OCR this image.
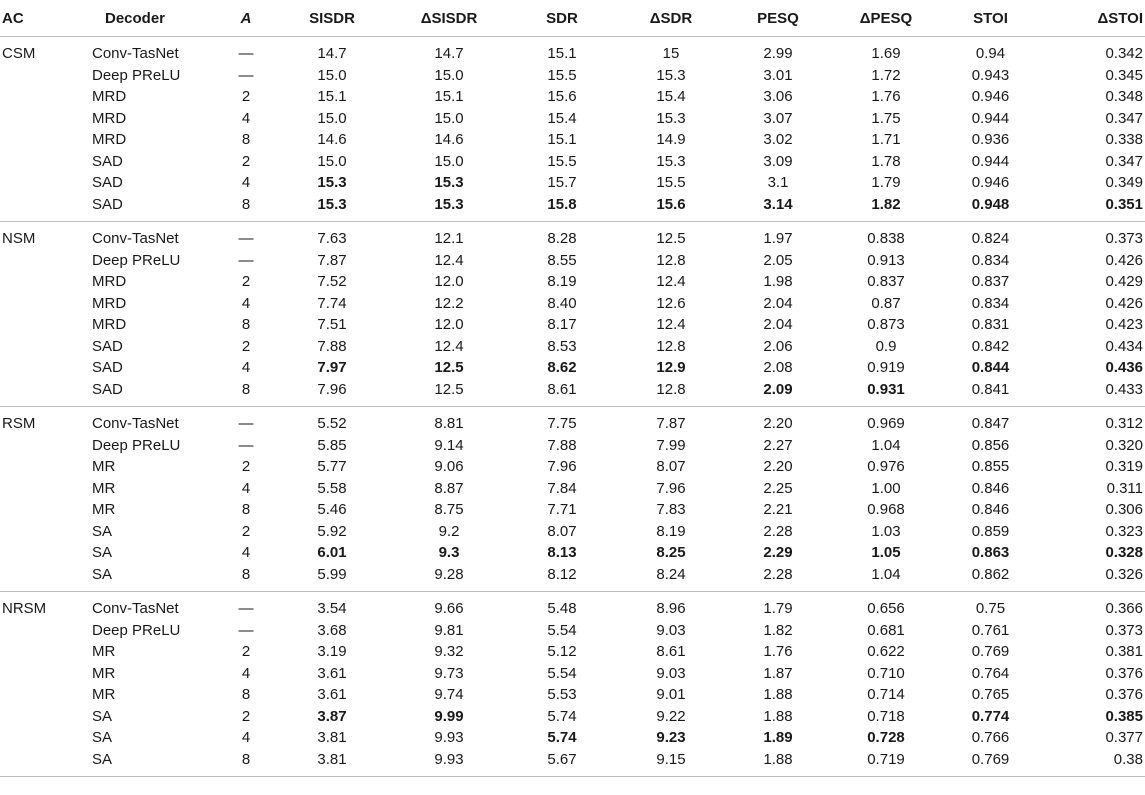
AC	Decoder	A	SISDR	ΔSISDR	SDR	ΔSDR	PESQ	ΔPESQ	STOI	ΔSTOI
CSM	Conv-TasNet	—	14.7	14.7	15.1	15	2.99	1.69	0.94	0.342
	Deep PReLU	—	15.0	15.0	15.5	15.3	3.01	1.72	0.943	0.345
	MRD	2	15.1	15.1	15.6	15.4	3.06	1.76	0.946	0.348
	MRD	4	15.0	15.0	15.4	15.3	3.07	1.75	0.944	0.347
	MRD	8	14.6	14.6	15.1	14.9	3.02	1.71	0.936	0.338
	SAD	2	15.0	15.0	15.5	15.3	3.09	1.78	0.944	0.347
	SAD	4	15.3	15.3	15.7	15.5	3.1	1.79	0.946	0.349
	SAD	8	15.3	15.3	15.8	15.6	3.14	1.82	0.948	0.351
NSM	Conv-TasNet	—	7.63	12.1	8.28	12.5	1.97	0.838	0.824	0.373
	Deep PReLU	—	7.87	12.4	8.55	12.8	2.05	0.913	0.834	0.426
	MRD	2	7.52	12.0	8.19	12.4	1.98	0.837	0.837	0.429
	MRD	4	7.74	12.2	8.40	12.6	2.04	0.87	0.834	0.426
	MRD	8	7.51	12.0	8.17	12.4	2.04	0.873	0.831	0.423
	SAD	2	7.88	12.4	8.53	12.8	2.06	0.9	0.842	0.434
	SAD	4	7.97	12.5	8.62	12.9	2.08	0.919	0.844	0.436
	SAD	8	7.96	12.5	8.61	12.8	2.09	0.931	0.841	0.433
RSM	Conv-TasNet	—	5.52	8.81	7.75	7.87	2.20	0.969	0.847	0.312
	Deep PReLU	—	5.85	9.14	7.88	7.99	2.27	1.04	0.856	0.320
	MR	2	5.77	9.06	7.96	8.07	2.20	0.976	0.855	0.319
	MR	4	5.58	8.87	7.84	7.96	2.25	1.00	0.846	0.311
	MR	8	5.46	8.75	7.71	7.83	2.21	0.968	0.846	0.306
	SA	2	5.92	9.2	8.07	8.19	2.28	1.03	0.859	0.323
	SA	4	6.01	9.3	8.13	8.25	2.29	1.05	0.863	0.328
	SA	8	5.99	9.28	8.12	8.24	2.28	1.04	0.862	0.326
NRSM	Conv-TasNet	—	3.54	9.66	5.48	8.96	1.79	0.656	0.75	0.366
	Deep PReLU	—	3.68	9.81	5.54	9.03	1.82	0.681	0.761	0.373
	MR	2	3.19	9.32	5.12	8.61	1.76	0.622	0.769	0.381
	MR	4	3.61	9.73	5.54	9.03	1.87	0.710	0.764	0.376
	MR	8	3.61	9.74	5.53	9.01	1.88	0.714	0.765	0.376
	SA	2	3.87	9.99	5.74	9.22	1.88	0.718	0.774	0.385
	SA	4	3.81	9.93	5.74	9.23	1.89	0.728	0.766	0.377
	SA	8	3.81	9.93	5.67	9.15	1.88	0.719	0.769	0.38
